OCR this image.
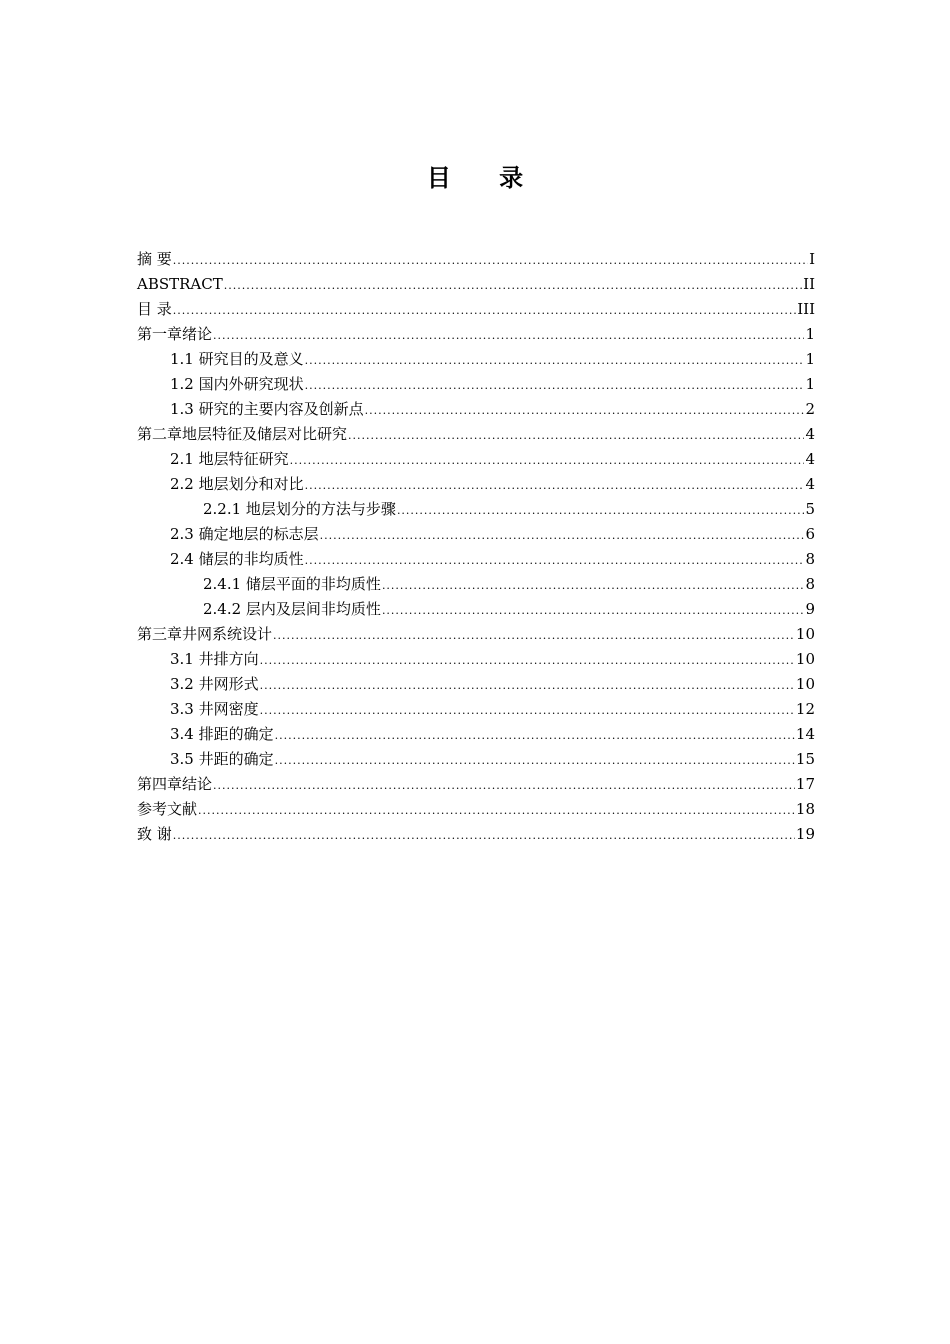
目 录
摘 要 .....	I
ABSTRACT .....	II
目 录 .....	III
第一章绪论 .....	1
1.1 研究目的及意义 .....	1
1.2 国内外研究现状 .....	1
1.3 研究的主要内容及创新点 .....	2
第二章地层特征及储层对比研究 .....	4
2.1 地层特征研究 .....	4
2.2 地层划分和对比 .....	4
2.2.1 地层划分的方法与步骤 .....	5
2.3 确定地层的标志层 .....	6
2.4 储层的非均质性 .....	8
2.4.1 储层平面的非均质性 .....	8
2.4.2 层内及层间非均质性 .....	9
第三章井网系统设计 .....	10
3.1 井排方向 .....	10
3.2 井网形式 .....	10
3.3 井网密度 .....	12
3.4 排距的确定 .....	14
3.5 井距的确定 .....	15
第四章结论 .....	17
参考文献 .....	18
致 谢 .....	19
